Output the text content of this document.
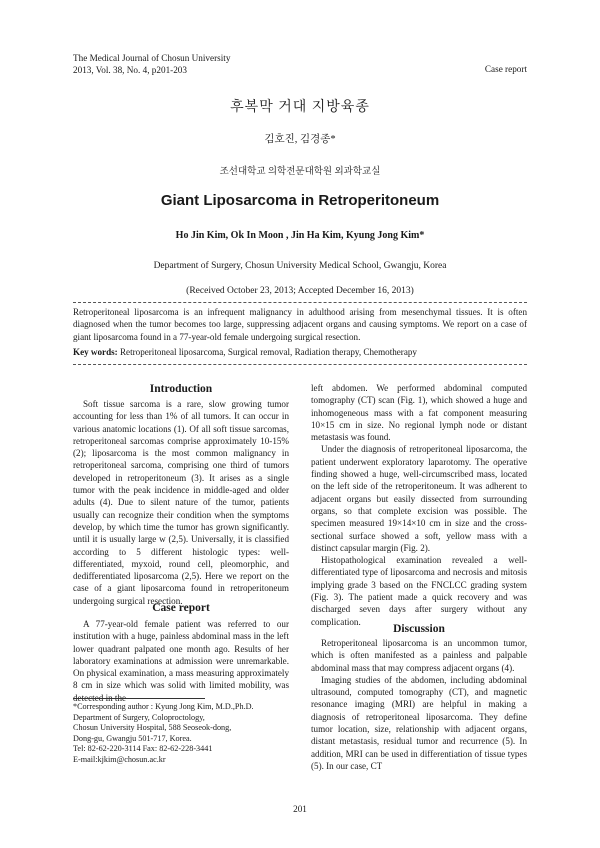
The Medical Journal of Chosun University
2013, Vol. 38, No. 4, p201-203	Case report
후복막 거대 지방육종
김호진, 김경종*
조선대학교 의학전문대학원 외과학교실
Giant Liposarcoma in Retroperitoneum
Ho Jin Kim, Ok In Moon , Jin Ha Kim, Kyung Jong Kim*
Department of Surgery, Chosun University Medical School, Gwangju, Korea
(Received October 23, 2013; Accepted December 16, 2013)
Retroperitoneal liposarcoma is an infrequent malignancy in adulthood arising from mesenchymal tissues. It is often diagnosed when the tumor becomes too large, suppressing adjacent organs and causing symptoms. We report on a case of giant liposarcoma found in a 77-year-old female undergoing surgical resection.
Key words: Retroperitoneal liposarcoma, Surgical removal, Radiation therapy, Chemotherapy
Introduction

Soft tissue sarcoma is a rare, slow growing tumor accounting for less than 1% of all tumors. It can occur in various anatomic locations (1). Of all soft tissue sarcomas, retroperitoneal sarcomas comprise approximately 10-15% (2); liposarcoma is the most common malignancy in retroperitoneal sarcoma, comprising one third of tumors developed in retroperitoneum (3). It arises as a single tumor with the peak incidence in middle-aged and older adults (4). Due to silent nature of the tumor, patients usually can recognize their condition when the symptoms develop, by which time the tumor has grown significantly. until it is usually large w (2,5). Universally, it is classified according to 5 different histologic types: well-differentiated, myxoid, round cell, pleomorphic, and dedifferentiated liposarcoma (2,5). Here we report on the case of a giant liposarcoma found in retroperitoneum undergoing surgical resection.

Case report

A 77-year-old female patient was referred to our institution with a huge, painless abdominal mass in the left lower quadrant palpated one month ago. Results of her laboratory examinations at admission were unremarkable. On physical examination, a mass measuring approximately 8 cm in size which was solid with limited mobility, was detected in the

*Corresponding author : Kyung Jong Kim, M.D.,Ph.D.
Department of Surgery, Coloproctology,
Chosun University Hospital, 588 Seoseok-dong,
Dong-gu, Gwangju 501-717, Korea.
Tel: 82-62-220-3114 Fax: 82-62-228-3441
E-mail:kjkim@chosun.ac.kr

left abdomen. We performed abdominal computed tomography (CT) scan (Fig. 1), which showed a huge and inhomogeneous mass with a fat component measuring 10×15 cm in size. No regional lymph node or distant metastasis was found.

Under the diagnosis of retroperitoneal liposarcoma, the patient underwent exploratory laparotomy. The operative finding showed a huge, well-circumscribed mass, located on the left side of the retroperitoneum. It was adherent to adjacent organs but easily dissected from surrounding organs, so that complete excision was possible. The specimen measured 19×14×10 cm in size and the cross-sectional surface showed a soft, yellow mass with a distinct capsular margin (Fig. 2).

Histopathological examination revealed a well-differentiated type of liposarcoma and necrosis and mitosis implying grade 3 based on the FNCLCC grading system (Fig. 3). The patient made a quick recovery and was discharged seven days after surgery without any complication.

Discussion

Retroperitoneal liposarcoma is an uncommon tumor, which is often manifested as a painless and palpable abdominal mass that may compress adjacent organs (4).

Imaging studies of the abdomen, including abdominal ultrasound, computed tomography (CT), and magnetic resonance imaging (MRI) are helpful in making a diagnosis of retroperitoneal liposarcoma. They define tumor location, size, relationship with adjacent organs, distant metastasis, residual tumor and recurrence (5). In addition, MRI can be used in differentiation of tissue types (5). In our case, CT

201
